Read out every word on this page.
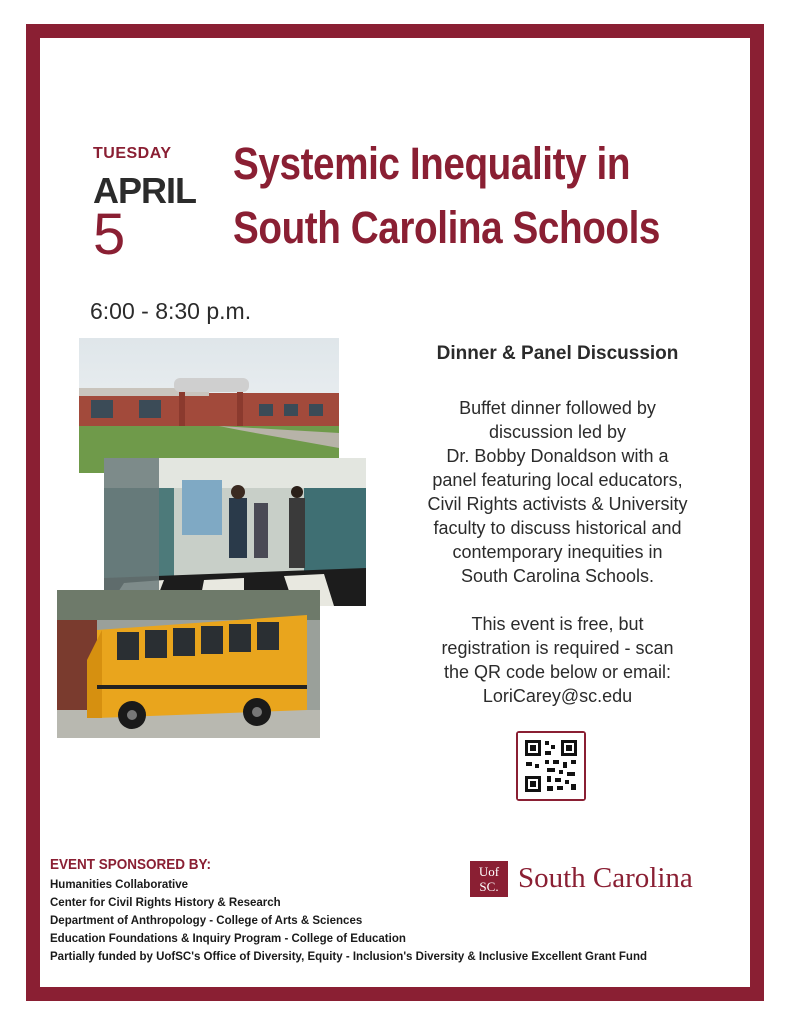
TUESDAY
APRIL
5
6:00 - 8:30 p.m.
Systemic Inequality in
South Carolina Schools
Dinner & Panel Discussion
Buffet dinner followed by
discussion led by
Dr. Bobby Donaldson with a
panel featuring local educators,
Civil Rights activists & University
faculty to discuss historical and
contemporary inequities in
South Carolina Schools.
This event is free, but
registration is required - scan
the QR code below or email:
LoriCarey@sc.edu
EVENT SPONSORED BY:
Humanities Collaborative
Center for Civil Rights History & Research
Department of Anthropology - College of Arts & Sciences
Education Foundations & Inquiry Program - College of Education
Partially funded by UofSC's Office of Diversity, Equity - Inclusion's Diversity & Inclusive Excellent Grant Fund
Uof
SC. South Carolina
